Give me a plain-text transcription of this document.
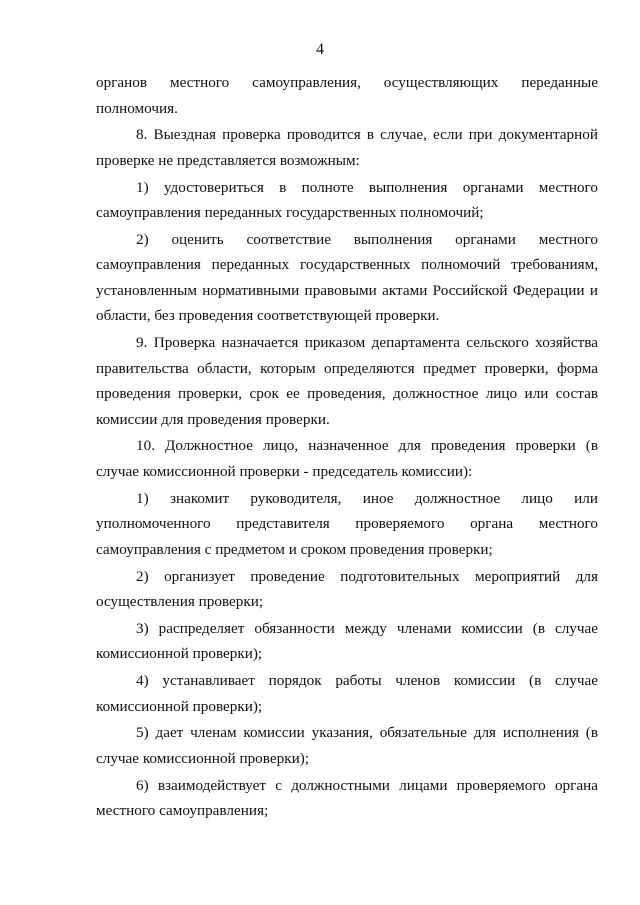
4

органов местного самоуправления, осуществляющих переданные полномочия.

8. Выездная проверка проводится в случае, если при документарной проверке не представляется возможным:

1) удостовериться в полноте выполнения органами местного самоуправления переданных государственных полномочий;

2) оценить соответствие выполнения органами местного самоуправления переданных государственных полномочий требованиям, установленным нормативными правовыми актами Российской Федерации и области, без проведения соответствующей проверки.

9. Проверка назначается приказом департамента сельского хозяйства правительства области, которым определяются предмет проверки, форма проведения проверки, срок ее проведения, должностное лицо или состав комиссии для проведения проверки.

10. Должностное лицо, назначенное для проведения проверки (в случае комиссионной проверки - председатель комиссии):

1) знакомит руководителя, иное должностное лицо или уполномоченного представителя проверяемого органа местного самоуправления с предметом и сроком проведения проверки;

2) организует проведение подготовительных мероприятий для осуществления проверки;

3) распределяет обязанности между членами комиссии (в случае комиссионной проверки);

4) устанавливает порядок работы членов комиссии (в случае комиссионной проверки);

5) дает членам комиссии указания, обязательные для исполнения (в случае комиссионной проверки);

6) взаимодействует с должностными лицами проверяемого органа местного самоуправления;
